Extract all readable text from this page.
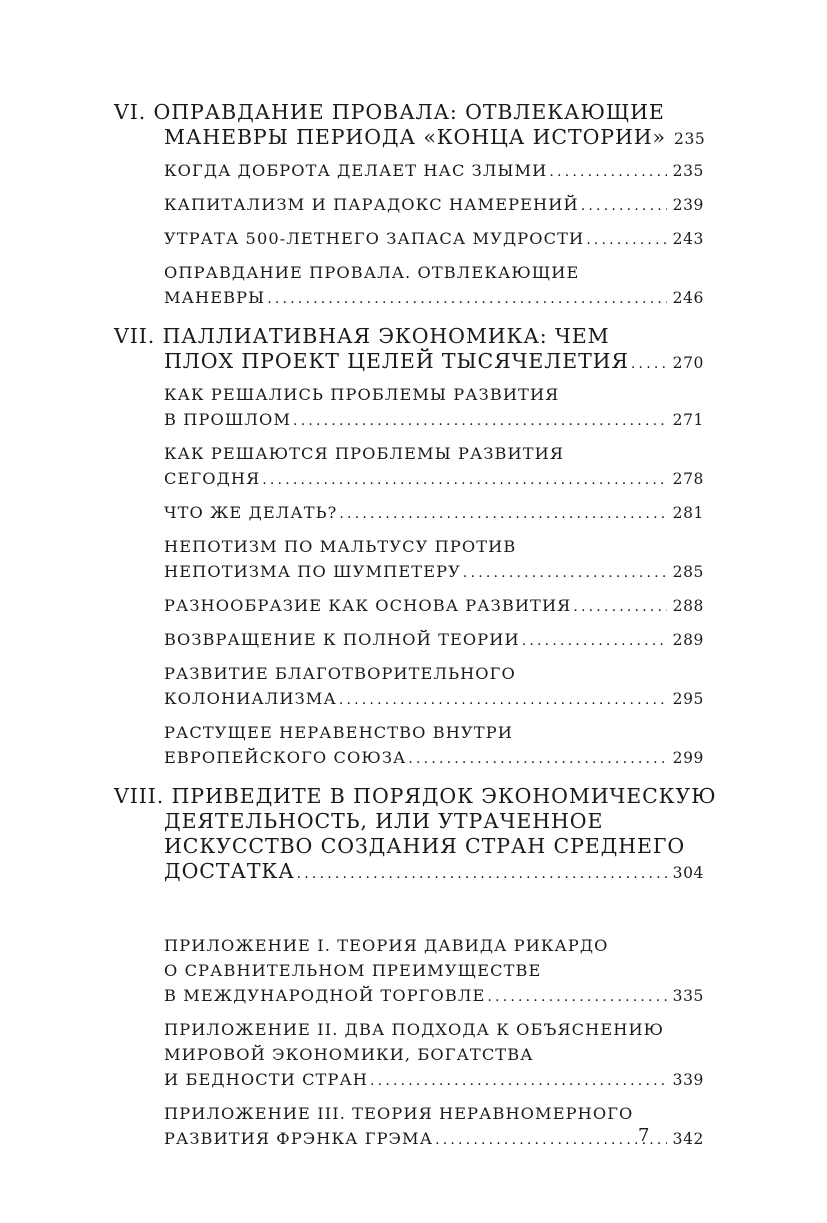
VI. ОПРАВДАНИЕ ПРОВАЛА: ОТВЛЕКАЮЩИЕ
МАНЕВРЫ ПЕРИОДА «КОНЦА ИСТОРИИ» 235
КОГДА ДОБРОТА ДЕЛАЕТ НАС ЗЛЫМИ .....	235
КАПИТАЛИЗМ И ПАРАДОКС НАМЕРЕНИЙ .....	239
УТРАТА 500-ЛЕТНЕГО ЗАПАСА МУДРОСТИ .....	243
ОПРАВДАНИЕ ПРОВАЛА. ОТВЛЕКАЮЩИЕ
МАНЕВРЫ .....	246
VII. ПАЛЛИАТИВНАЯ ЭКОНОМИКА: ЧЕМ
ПЛОХ ПРОЕКТ ЦЕЛЕЙ ТЫСЯЧЕЛЕТИЯ .....	270
КАК РЕШАЛИСЬ ПРОБЛЕМЫ РАЗВИТИЯ
В ПРОШЛОМ .....	271
КАК РЕШАЮТСЯ ПРОБЛЕМЫ РАЗВИТИЯ
СЕГОДНЯ .....	278
ЧТО ЖЕ ДЕЛАТЬ? .....	281
НЕПОТИЗМ ПО МАЛЬТУСУ ПРОТИВ
НЕПОТИЗМА ПО ШУМПЕТЕРУ .....	285
РАЗНООБРАЗИЕ КАК ОСНОВА РАЗВИТИЯ .....	288
ВОЗВРАЩЕНИЕ К ПОЛНОЙ ТЕОРИИ .....	289
РАЗВИТИЕ БЛАГОТВОРИТЕЛЬНОГО
КОЛОНИАЛИЗМА .....	295
РАСТУЩЕЕ НЕРАВЕНСТВО ВНУТРИ
ЕВРОПЕЙСКОГО СОЮЗА .....	299
VIII. ПРИВЕДИТЕ В ПОРЯДОК ЭКОНОМИЧЕСКУЮ
ДЕЯТЕЛЬНОСТЬ, ИЛИ УТРАЧЕННОЕ
ИСКУССТВО СОЗДАНИЯ СТРАН СРЕДНЕГО
ДОСТАТКА .....	304
ПРИЛОЖЕНИЕ I. ТЕОРИЯ ДАВИДА РИКАРДО
О СРАВНИТЕЛЬНОМ ПРЕИМУЩЕСТВЕ
В МЕЖДУНАРОДНОЙ ТОРГОВЛЕ .....	335
ПРИЛОЖЕНИЕ II. ДВА ПОДХОДА К ОБЪЯСНЕНИЮ
МИРОВОЙ ЭКОНОМИКИ, БОГАТСТВА
И БЕДНОСТИ СТРАН .....	339
ПРИЛОЖЕНИЕ III. ТЕОРИЯ НЕРАВНОМЕРНОГО
РАЗВИТИЯ ФРЭНКА ГРЭМА .....	342
7
